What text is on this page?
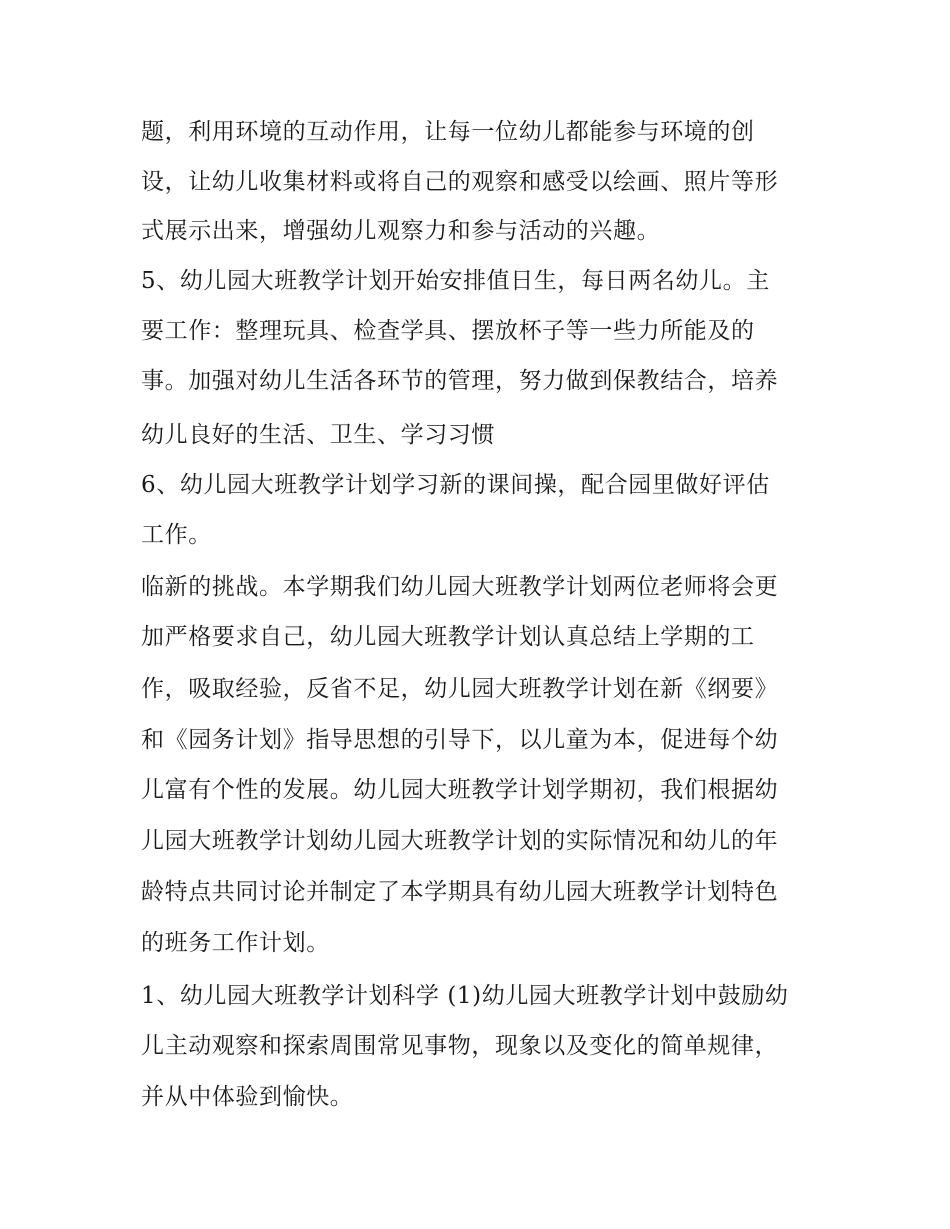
题，利用环境的互动作用，让每一位幼儿都能参与环境的创

设，让幼儿收集材料或将自己的观察和感受以绘画、照片等形

式展示出来，增强幼儿观察力和参与活动的兴趣。

5、幼儿园大班教学计划开始安排值日生，每日两名幼儿。主

要工作：整理玩具、检查学具、摆放杯子等一些力所能及的

事。加强对幼儿生活各环节的管理，努力做到保教结合，培养

幼儿良好的生活、卫生、学习习惯

6、幼儿园大班教学计划学习新的课间操，配合园里做好评估

工作。

临新的挑战。本学期我们幼儿园大班教学计划两位老师将会更

加严格要求自己，幼儿园大班教学计划认真总结上学期的工

作，吸取经验，反省不足，幼儿园大班教学计划在新《纲要》

和《园务计划》指导思想的引导下，以儿童为本，促进每个幼

儿富有个性的发展。幼儿园大班教学计划学期初，我们根据幼

儿园大班教学计划幼儿园大班教学计划的实际情况和幼儿的年

龄特点共同讨论并制定了本学期具有幼儿园大班教学计划特色

的班务工作计划。

1、幼儿园大班教学计划科学 (1)幼儿园大班教学计划中鼓励幼

儿主动观察和探索周围常见事物，现象以及变化的简单规律，

并从中体验到愉快。
